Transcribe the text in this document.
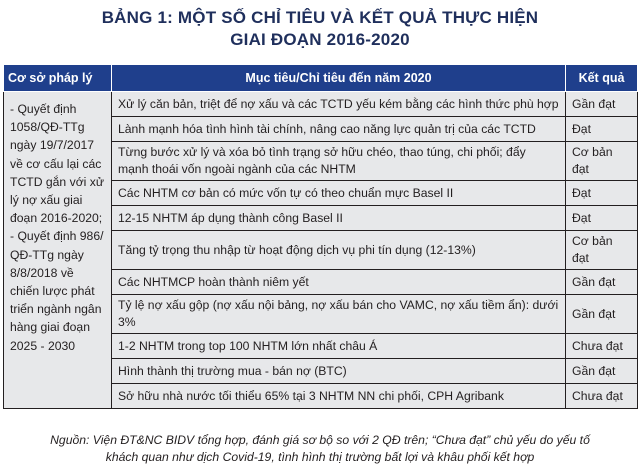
BẢNG 1: MỘT SỐ CHỈ TIÊU VÀ KẾT QUẢ THỰC HIỆN
GIAI ĐOẠN 2016-2020
Cơ sở pháp lý	Mục tiêu/Chỉ tiêu đến năm 2020	Kết quả

- Quyết định 1058/QĐ-TTg ngày 19/7/2017 về cơ cấu lại các TCTD gắn với xử lý nợ xấu giai đoạn 2016-2020;

- Quyết định 986/ QĐ-TTg ngày 8/8/2018 về chiến lược phát triển ngành ngân hàng giai đoạn 2025 - 2030	Xử lý căn bản, triệt để nợ xấu và các TCTD yếu kém bằng các hình thức phù hợp	Gần đạt
	Lành mạnh hóa tình hình tài chính, nâng cao năng lực quản trị của các TCTD	Đạt
	Từng bước xử lý và xóa bỏ tình trạng sở hữu chéo, thao túng, chi phối; đẩy mạnh thoái vốn ngoài ngành của các NHTM	Cơ bản đạt
	Các NHTM cơ bản có mức vốn tự có theo chuẩn mực Basel II	Đạt
	12-15 NHTM áp dụng thành công Basel II	Đạt
	Tăng tỷ trọng thu nhập từ hoạt động dịch vụ phi tín dụng (12-13%)	Cơ bản đạt
	Các NHTMCP hoàn thành niêm yết	Gần đạt
	Tỷ lệ nợ xấu gộp (nợ xấu nội bảng, nợ xấu bán cho VAMC, nợ xấu tiềm ẩn): dưới 3%	Gần đạt
	1-2 NHTM trong top 100 NHTM lớn nhất châu Á	Chưa đạt
	Hình thành thị trường mua - bán nợ (BTC)	Gần đạt
	Sở hữu nhà nước tối thiểu 65% tại 3 NHTM NN chi phối, CPH Agribank	Chưa đạt
Nguồn: Viện ĐT&NC BIDV tổng hợp, đánh giá sơ bộ so với 2 QĐ trên; “Chưa đạt” chủ yếu do yếu tố
khách quan như dịch Covid-19, tình hình thị trường bất lợi và khâu phối kết hợp
